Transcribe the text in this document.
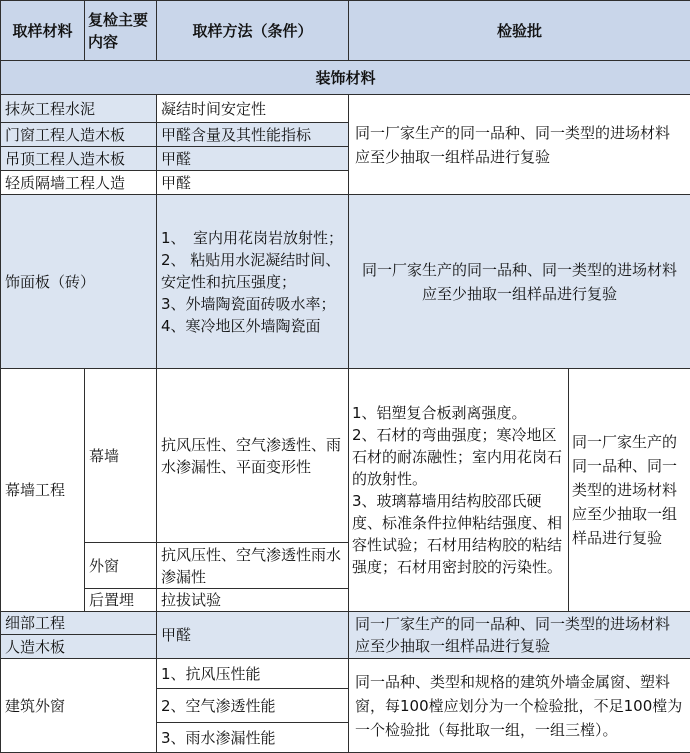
取样材料	复检主要内容	取样方法（条件）	检验批	
装饰材料				
抹灰工程水泥		凝结时间安定性	同一厂家生产的同一品种、同一类型的进场材料应至少抽取一组样品进行复验	
门窗工程人造木板		甲醛含量及其性能指标		
吊顶工程人造木板		甲醛		
轻质隔墙工程人造		甲醛		
饰面板（砖）		1、　室内用花岗岩放射性；
2、 粘贴用水泥凝结时间、安定性和抗压强度；
3、外墙陶瓷面砖吸水率；
4、寒冷地区外墙陶瓷面	同一厂家生产的同一品种、同一类型的进场材料应至少抽取一组样品进行复验	
幕墙工程	幕墙	抗风压性、空气渗透性、雨水渗漏性、平面变形性	1、铝塑复合板剥离强度。
2、石材的弯曲强度；寒冷地区石材的耐冻融性；室内用花岗石的放射性。
3、玻璃幕墙用结构胶邵氏硬度、标准条件拉伸粘结强度、相容性试验；石材用结构胶的粘结强度；石材用密封胶的污染性。	同一厂家生产的同一品种、同一类型的进场材料应至少抽取一组样品进行复验
	外窗	抗风压性、空气渗透性雨水渗漏性		
	后置埋	拉拔试验		
细部工程		甲醛	同一厂家生产的同一品种、同一类型的进场材料应至少抽取一组样品进行复验	
人造木板				
建筑外窗		1、抗风压性能	同一品种、类型和规格的建筑外墙金属窗、塑料窗，每100樘应划分为一个检验批，不足100樘为一个检验批（每批取一组，一组三樘）。	
		2、空气渗透性能		
		3、雨水渗漏性能		
